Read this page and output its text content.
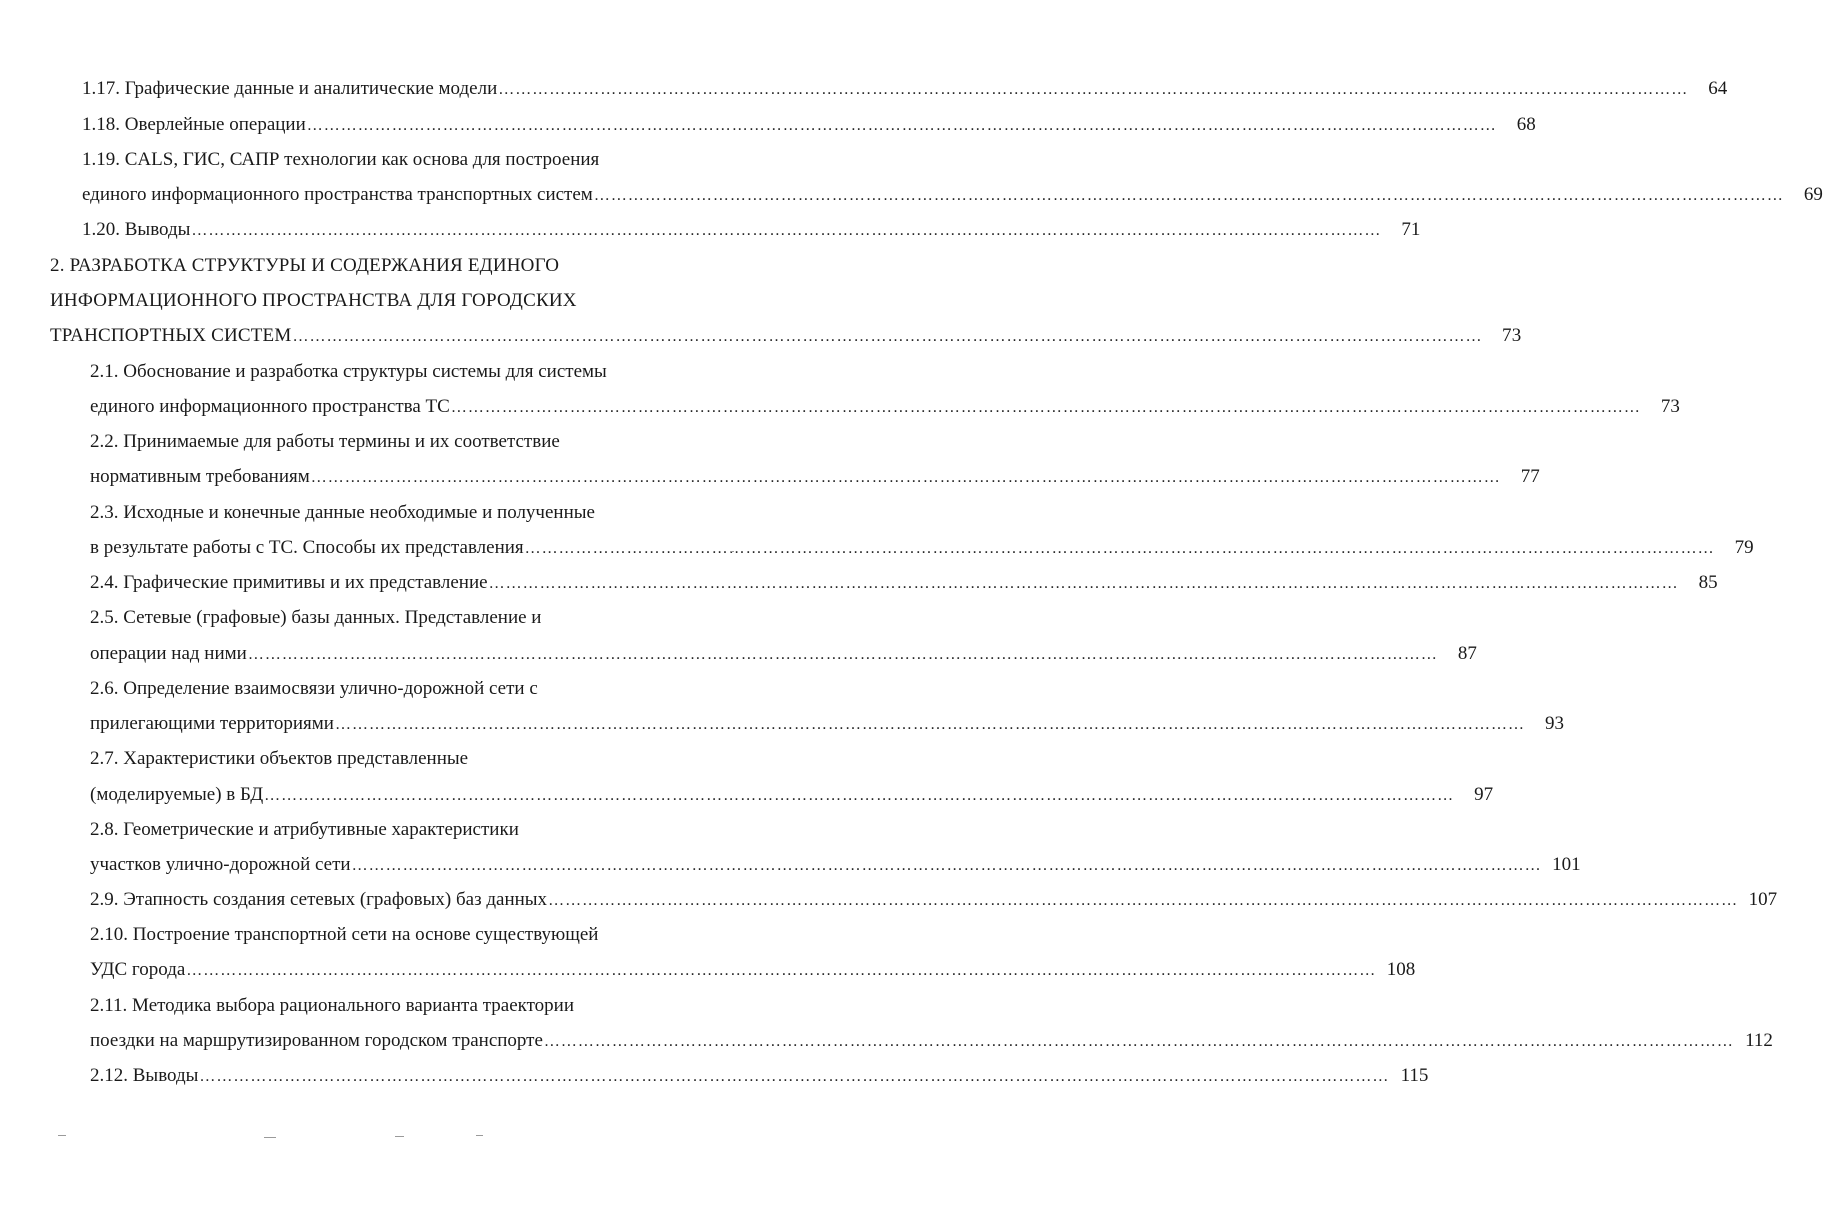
1.17. Графические данные и аналитические модели …………………………………………………………………………………………………………………………………………………………………………………………	64
1.18. Оверлейные операции …………………………………………………………………………………………………………………………………………………………………………………………	68
1.19. CALS, ГИС, САПР технологии как основа для построения
единого информационного пространства транспортных систем …………………………………………………………………………………………………………………………………………………………………………………………	69
1.20. Выводы …………………………………………………………………………………………………………………………………………………………………………………………	71
2. РАЗРАБОТКА СТРУКТУРЫ И СОДЕРЖАНИЯ ЕДИНОГО
ИНФОРМАЦИОННОГО ПРОСТРАНСТВА ДЛЯ ГОРОДСКИХ
ТРАНСПОРТНЫХ СИСТЕМ …………………………………………………………………………………………………………………………………………………………………………………………	73
2.1. Обоснование и разработка структуры системы для системы
единого информационного пространства ТС …………………………………………………………………………………………………………………………………………………………………………………………	73
2.2. Принимаемые для работы термины и их соответствие
нормативным требованиям …………………………………………………………………………………………………………………………………………………………………………………………	77
2.3. Исходные и конечные данные необходимые и полученные
в результате работы с ТС. Способы их представления …………………………………………………………………………………………………………………………………………………………………………………………	79
2.4. Графические примитивы и их представление …………………………………………………………………………………………………………………………………………………………………………………………	85
2.5. Сетевые (графовые) базы данных. Представление и
операции над ними …………………………………………………………………………………………………………………………………………………………………………………………	87
2.6. Определение взаимосвязи улично-дорожной сети с
прилегающими территориями …………………………………………………………………………………………………………………………………………………………………………………………	93
2.7. Характеристики объектов представленные
(моделируемые) в БД …………………………………………………………………………………………………………………………………………………………………………………………	97
2.8. Геометрические и атрибутивные характеристики
участков улично-дорожной сети …………………………………………………………………………………………………………………………………………………………………………………………	101
2.9. Этапность создания сетевых (графовых) баз данных …………………………………………………………………………………………………………………………………………………………………………………………	107
2.10. Построение транспортной сети на основе существующей
УДС города …………………………………………………………………………………………………………………………………………………………………………………………	108
2.11. Методика выбора рационального варианта траектории
поездки на маршрутизированном городском транспорте …………………………………………………………………………………………………………………………………………………………………………………………	112
2.12. Выводы …………………………………………………………………………………………………………………………………………………………………………………………	115
